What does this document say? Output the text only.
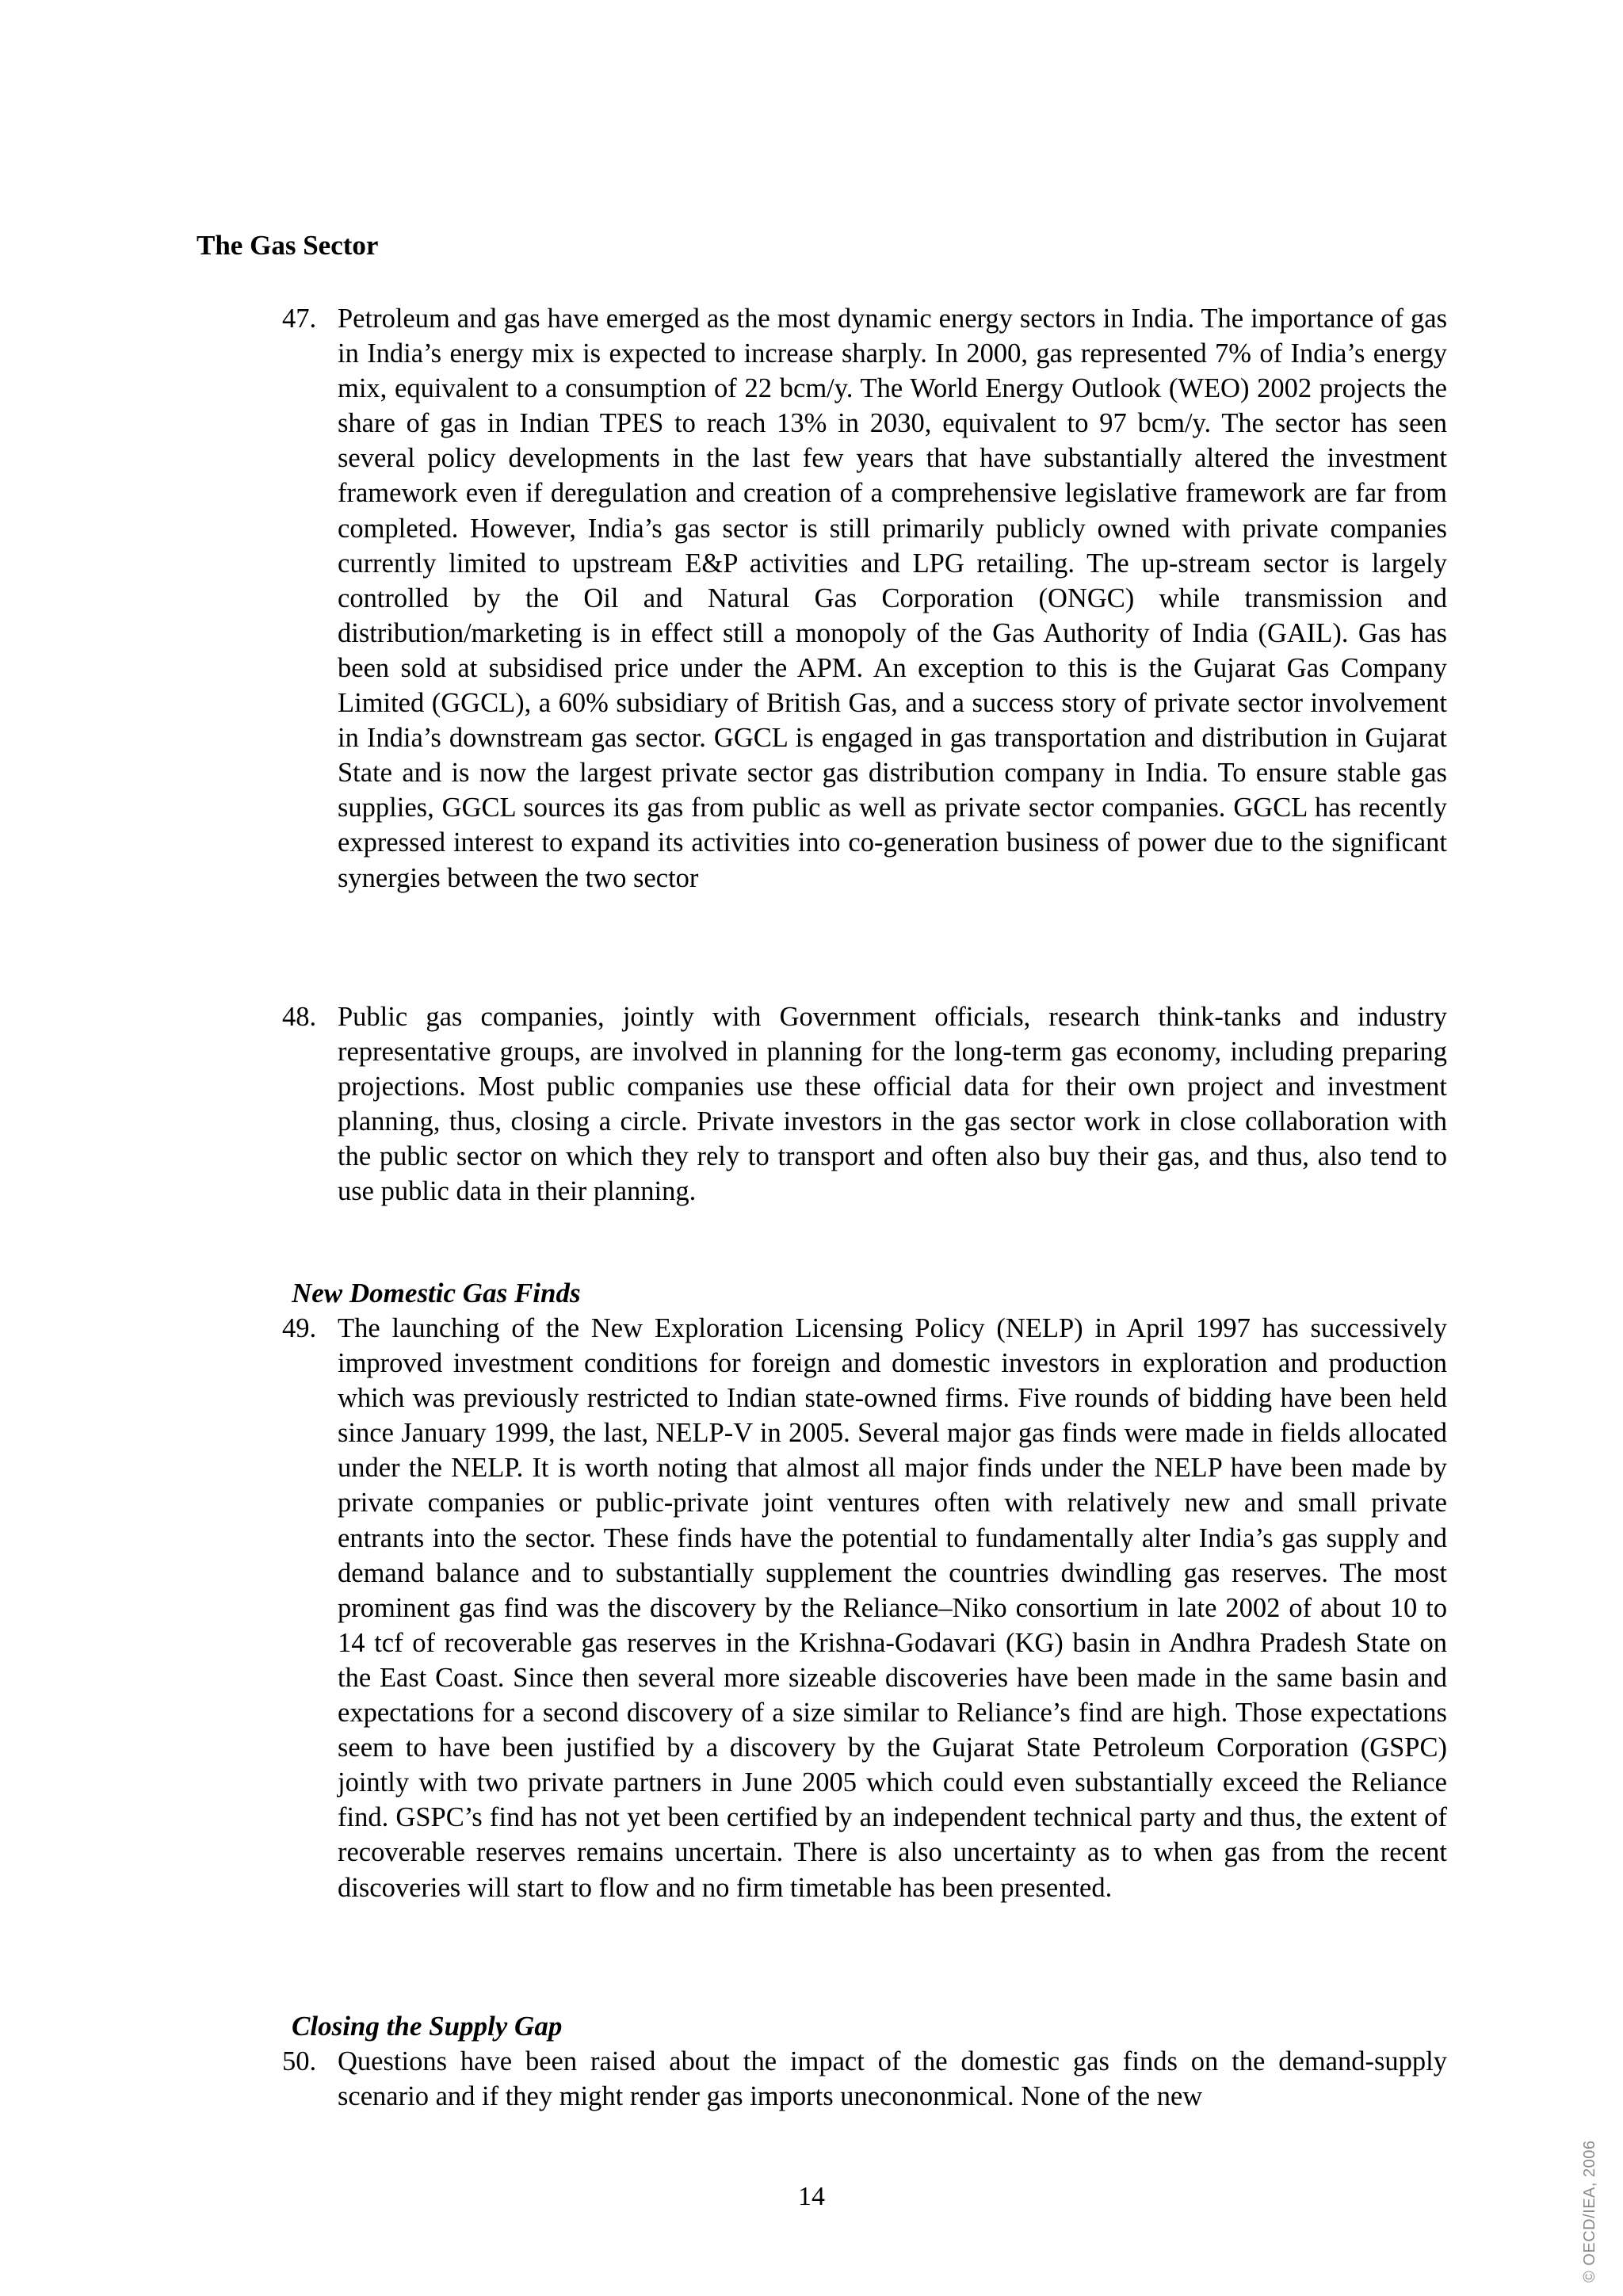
The Gas Sector
47. Petroleum and gas have emerged as the most dynamic energy sectors in India. The importance of gas in India’s energy mix is expected to increase sharply. In 2000, gas represented 7% of India’s energy mix, equivalent to a consumption of 22 bcm/y. The World Energy Outlook (WEO) 2002 projects the share of gas in Indian TPES to reach 13% in 2030, equivalent to 97 bcm/y. The sector has seen several policy developments in the last few years that have substantially altered the investment framework even if deregulation and creation of a comprehensive legislative framework are far from completed. However, India’s gas sector is still primarily publicly owned with private companies currently limited to upstream E&P activities and LPG retailing. The up-stream sector is largely controlled by the Oil and Natural Gas Corporation (ONGC) while transmission and distribution/marketing is in effect still a monopoly of the Gas Authority of India (GAIL). Gas has been sold at subsidised price under the APM. An exception to this is the Gujarat Gas Company Limited (GGCL), a 60% subsidiary of British Gas, and a success story of private sector involvement in India’s downstream gas sector. GGCL is engaged in gas transportation and distribution in Gujarat State and is now the largest private sector gas distribution company in India. To ensure stable gas supplies, GGCL sources its gas from public as well as private sector companies. GGCL has recently expressed interest to expand its activities into co-generation business of power due to the significant synergies between the two sector
48. Public gas companies, jointly with Government officials, research think-tanks and industry representative groups, are involved in planning for the long-term gas economy, including preparing projections. Most public companies use these official data for their own project and investment planning, thus, closing a circle. Private investors in the gas sector work in close collaboration with the public sector on which they rely to transport and often also buy their gas, and thus, also tend to use public data in their planning.
New Domestic Gas Finds
49. The launching of the New Exploration Licensing Policy (NELP) in April 1997 has successively improved investment conditions for foreign and domestic investors in exploration and production which was previously restricted to Indian state-owned firms. Five rounds of bidding have been held since January 1999, the last, NELP-V in 2005. Several major gas finds were made in fields allocated under the NELP. It is worth noting that almost all major finds under the NELP have been made by private companies or public-private joint ventures often with relatively new and small private entrants into the sector. These finds have the potential to fundamentally alter India’s gas supply and demand balance and to substantially supplement the countries dwindling gas reserves. The most prominent gas find was the discovery by the Reliance–Niko consortium in late 2002 of about 10 to 14 tcf of recoverable gas reserves in the Krishna-Godavari (KG) basin in Andhra Pradesh State on the East Coast. Since then several more sizeable discoveries have been made in the same basin and expectations for a second discovery of a size similar to Reliance’s find are high. Those expectations seem to have been justified by a discovery by the Gujarat State Petroleum Corporation (GSPC) jointly with two private partners in June 2005 which could even substantially exceed the Reliance find. GSPC’s find has not yet been certified by an independent technical party and thus, the extent of recoverable reserves remains uncertain. There is also uncertainty as to when gas from the recent discoveries will start to flow and no firm timetable has been presented.
Closing the Supply Gap
50. Questions have been raised about the impact of the domestic gas finds on the demand-supply scenario and if they might render gas imports unecononmical. None of the new
14	© OECD/IEA, 2006
